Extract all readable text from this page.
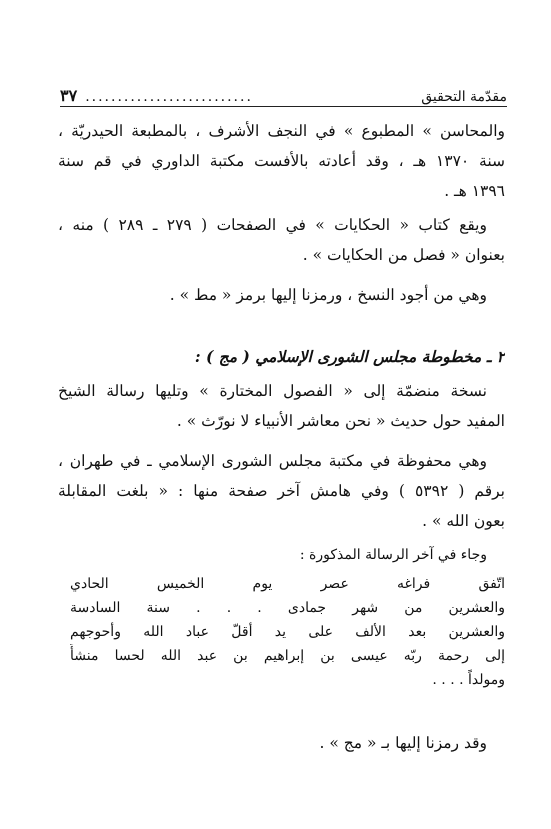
مقدّمة التحقيق
..........................
٣٧
والمحاسن » المطبوع » في النجف الأشرف ، بالمطبعة الحيدريّة ،
سنة ١٣٧٠ هـ ، وقد أعادته بالأفست مكتبة الداوري في قم سنة
١٣٩٦ هـ .
ويقع كتاب « الحكايات » في الصفحات ( ٢٧٩ ـ ٢٨٩ ) منه ،
بعنوان « فصل من الحكايات » .
وهي من أجود النسخ ، ورمزنا إليها برمز « مط » .
٢ ـ مخطوطة مجلس الشورى الإسلامي ( مج ) :
نسخة منضمّة إلى « الفصول المختارة » وتليها رسالة الشيخ
المفيد حول حديث « نحن معاشر الأنبياء لا نورّث » .
وهي محفوظة في مكتبة مجلس الشورى الإسلامي ـ في طهران ،
برقم ( ٥٣٩٢ ) وفي هامش آخر صفحة منها : « بلغت المقابلة
بعون الله » .
وجاء في آخر الرسالة المذكورة :
اتّفق فراغه عصر يوم الخميس الحادي
والعشرين من شهر جمادى . . . سنة السادسة
والعشرين بعد الألف على يد أقلّ عباد الله وأحوجهم
إلى رحمة ربّه عيسى بن إبراهيم بن عبد الله لحسا منشأً
ومولداً . . . .
وقد رمزنا إليها بـ « مج » .
